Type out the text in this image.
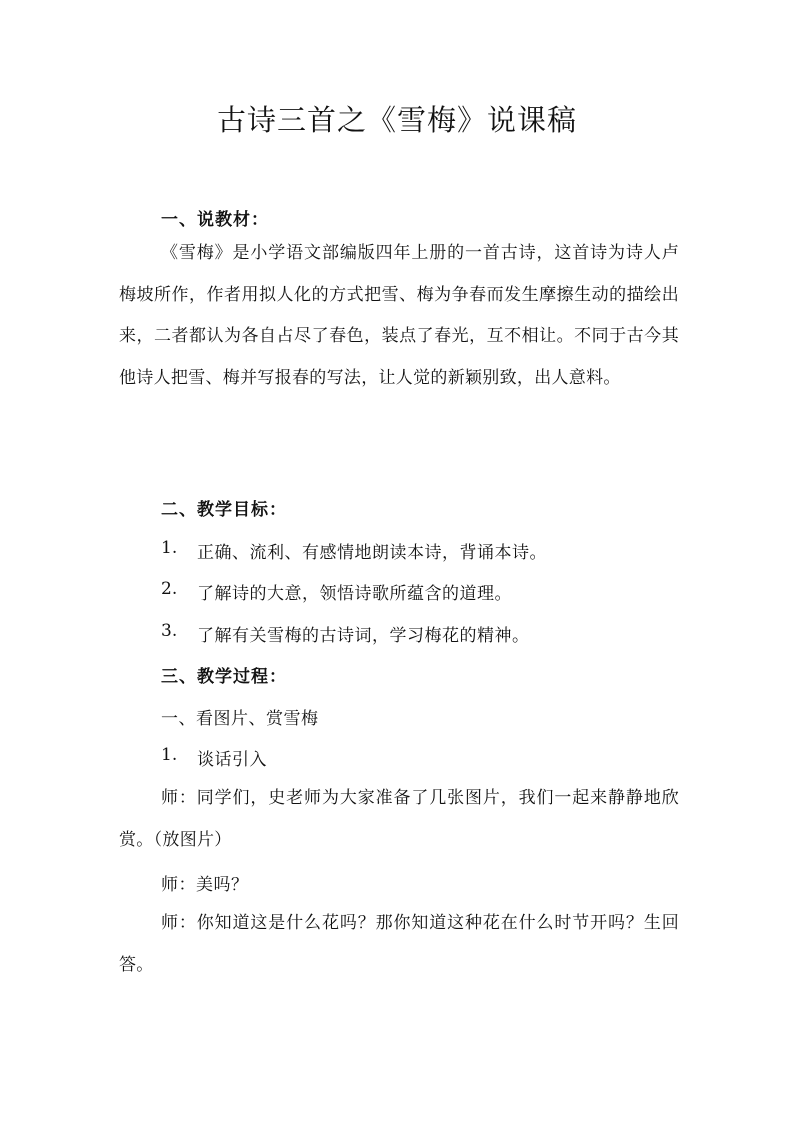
古诗三首之《雪梅》说课稿
一、说教材：
《雪梅》是小学语文部编版四年上册的一首古诗，这首诗为诗人卢梅坡所作，作者用拟人化的方式把雪、梅为争春而发生摩擦生动的描绘出来，二者都认为各自占尽了春色，装点了春光，互不相让。不同于古今其他诗人把雪、梅并写报春的写法，让人觉的新颖别致，出人意料。
二、教学目标：
1. 正确、流利、有感情地朗读本诗，背诵本诗。
2. 了解诗的大意，领悟诗歌所蕴含的道理。
3. 了解有关雪梅的古诗词，学习梅花的精神。
三、教学过程：
一、看图片、赏雪梅
1. 谈话引入
师：同学们，史老师为大家准备了几张图片，我们一起来静静地欣赏。（放图片）
师：美吗？
师：你知道这是什么花吗？那你知道这种花在什么时节开吗？生回答。
